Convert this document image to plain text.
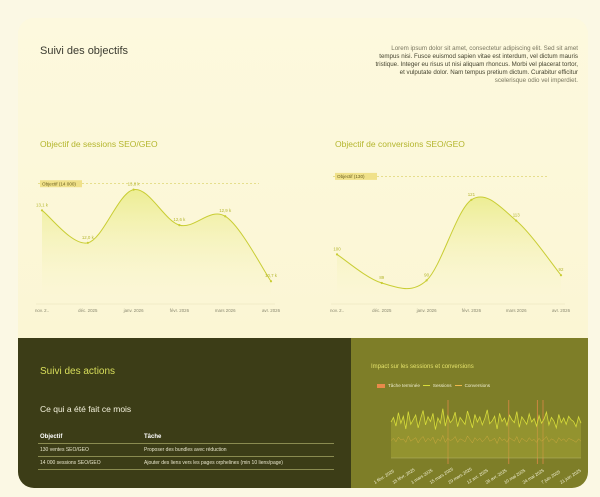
Suivi des objectifs	Lorem ipsum dolor sit amet, consectetur adipiscing elit. Sed sit amet
tempus nisi. Fusce euismod sapien vitae est interdum, vel dictum mauris
tristique. Integer eu risus ut nisi aliquam rhoncus. Morbi vel placerat tortor,
et vulputate dolor. Nam tempus pretium dictum. Curabitur efficitur
scelerisque odio vel imperdiet.
Objectif de sessions SEO/GEO
Objectif (14 000)
13,1 k
nov. 2..
12,0 k
déc. 2025
13,8 k
janv. 2026
12,6 k
févr. 2026
12,9 k
mars 2026
10,7 k
avr. 2026
Objectif de conversions SEO/GEO
Objectif (130)
100
nov. 2..
89
déc. 2025
90
janv. 2026
121
févr. 2026
113
mars 2026
92
avr. 2026
Suivi des actions
Ce qui a été fait ce mois
Objectif	Tâche
130 ventes SEO/GEO	Proposer des bundles avec réduction
14 000 sessions SEO/GEO	Ajouter des liens vers les pages orphelines (min 10 liens/page)
Impact sur les sessions et conversions
Tâche terminée	Sessions	Conversions
1 févr. 2025
15 févr. 2025
1 mars 2025
15 mars 2025
29 mars 2025
12 avr. 2025
26 avr. 2025
10 mai 2025
24 mai 2025
7 juin 2025
21 juin 2025
